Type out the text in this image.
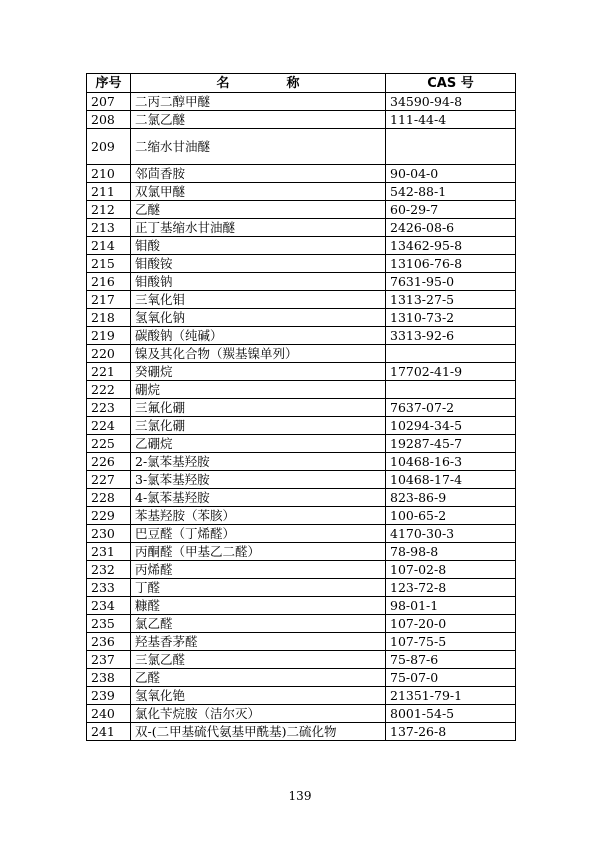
序号	名　称	CAS 号
207	二丙二醇甲醚	34590-94-8
208	二氯乙醚	111-44-4
209	二缩水甘油醚	
210	邻茴香胺	90-04-0
211	双氯甲醚	542-88-1
212	乙醚	60-29-7
213	正丁基缩水甘油醚	2426-08-6
214	钼酸	13462-95-8
215	钼酸铵	13106-76-8
216	钼酸钠	7631-95-0
217	三氧化钼	1313-27-5
218	氢氧化钠	1310-73-2
219	碳酸钠（纯碱）	3313-92-6
220	镍及其化合物（羰基镍单列）	
221	癸硼烷	17702-41-9
222	硼烷	
223	三氟化硼	7637-07-2
224	三氯化硼	10294-34-5
225	乙硼烷	19287-45-7
226	2-氯苯基羟胺	10468-16-3
227	3-氯苯基羟胺	10468-17-4
228	4-氯苯基羟胺	823-86-9
229	苯基羟胺（苯胲）	100-65-2
230	巴豆醛（丁烯醛）	4170-30-3
231	丙酮醛（甲基乙二醛）	78-98-8
232	丙烯醛	107-02-8
233	丁醛	123-72-8
234	糠醛	98-01-1
235	氯乙醛	107-20-0
236	羟基香茅醛	107-75-5
237	三氯乙醛	75-87-6
238	乙醛	75-07-0
239	氢氧化铯	21351-79-1
240	氯化苄烷胺（洁尔灭）	8001-54-5
241	双-(二甲基硫代氨基甲酰基)二硫化物	137-26-8
139
